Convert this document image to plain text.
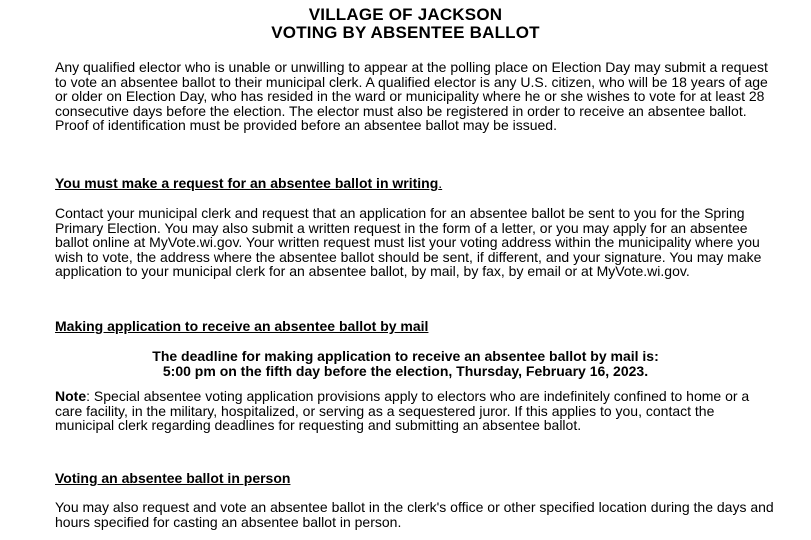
VILLAGE OF JACKSON
VOTING BY ABSENTEE BALLOT

Any qualified elector who is unable or unwilling to appear at the polling place on Election Day may submit a request to vote an absentee ballot to their municipal clerk. A qualified elector is any U.S. citizen, who will be 18 years of age or older on Election Day, who has resided in the ward or municipality where he or she wishes to vote for at least 28 consecutive days before the election. The elector must also be registered in order to receive an absentee ballot. Proof of identification must be provided before an absentee ballot may be issued.

You must make a request for an absentee ballot in writing.

Contact your municipal clerk and request that an application for an absentee ballot be sent to you for the Spring Primary Election. You may also submit a written request in the form of a letter, or you may apply for an absentee ballot online at MyVote.wi.gov. Your written request must list your voting address within the municipality where you wish to vote, the address where the absentee ballot should be sent, if different, and your signature. You may make application to your municipal clerk for an absentee ballot, by mail, by fax, by email or at MyVote.wi.gov.

Making application to receive an absentee ballot by mail

The deadline for making application to receive an absentee ballot by mail is:

5:00 pm on the fifth day before the election, Thursday, February 16, 2023.

Note: Special absentee voting application provisions apply to electors who are indefinitely confined to home or a care facility, in the military, hospitalized, or serving as a sequestered juror. If this applies to you, contact the municipal clerk regarding deadlines for requesting and submitting an absentee ballot.

Voting an absentee ballot in person

You may also request and vote an absentee ballot in the clerk's office or other specified location during the days and hours specified for casting an absentee ballot in person.
